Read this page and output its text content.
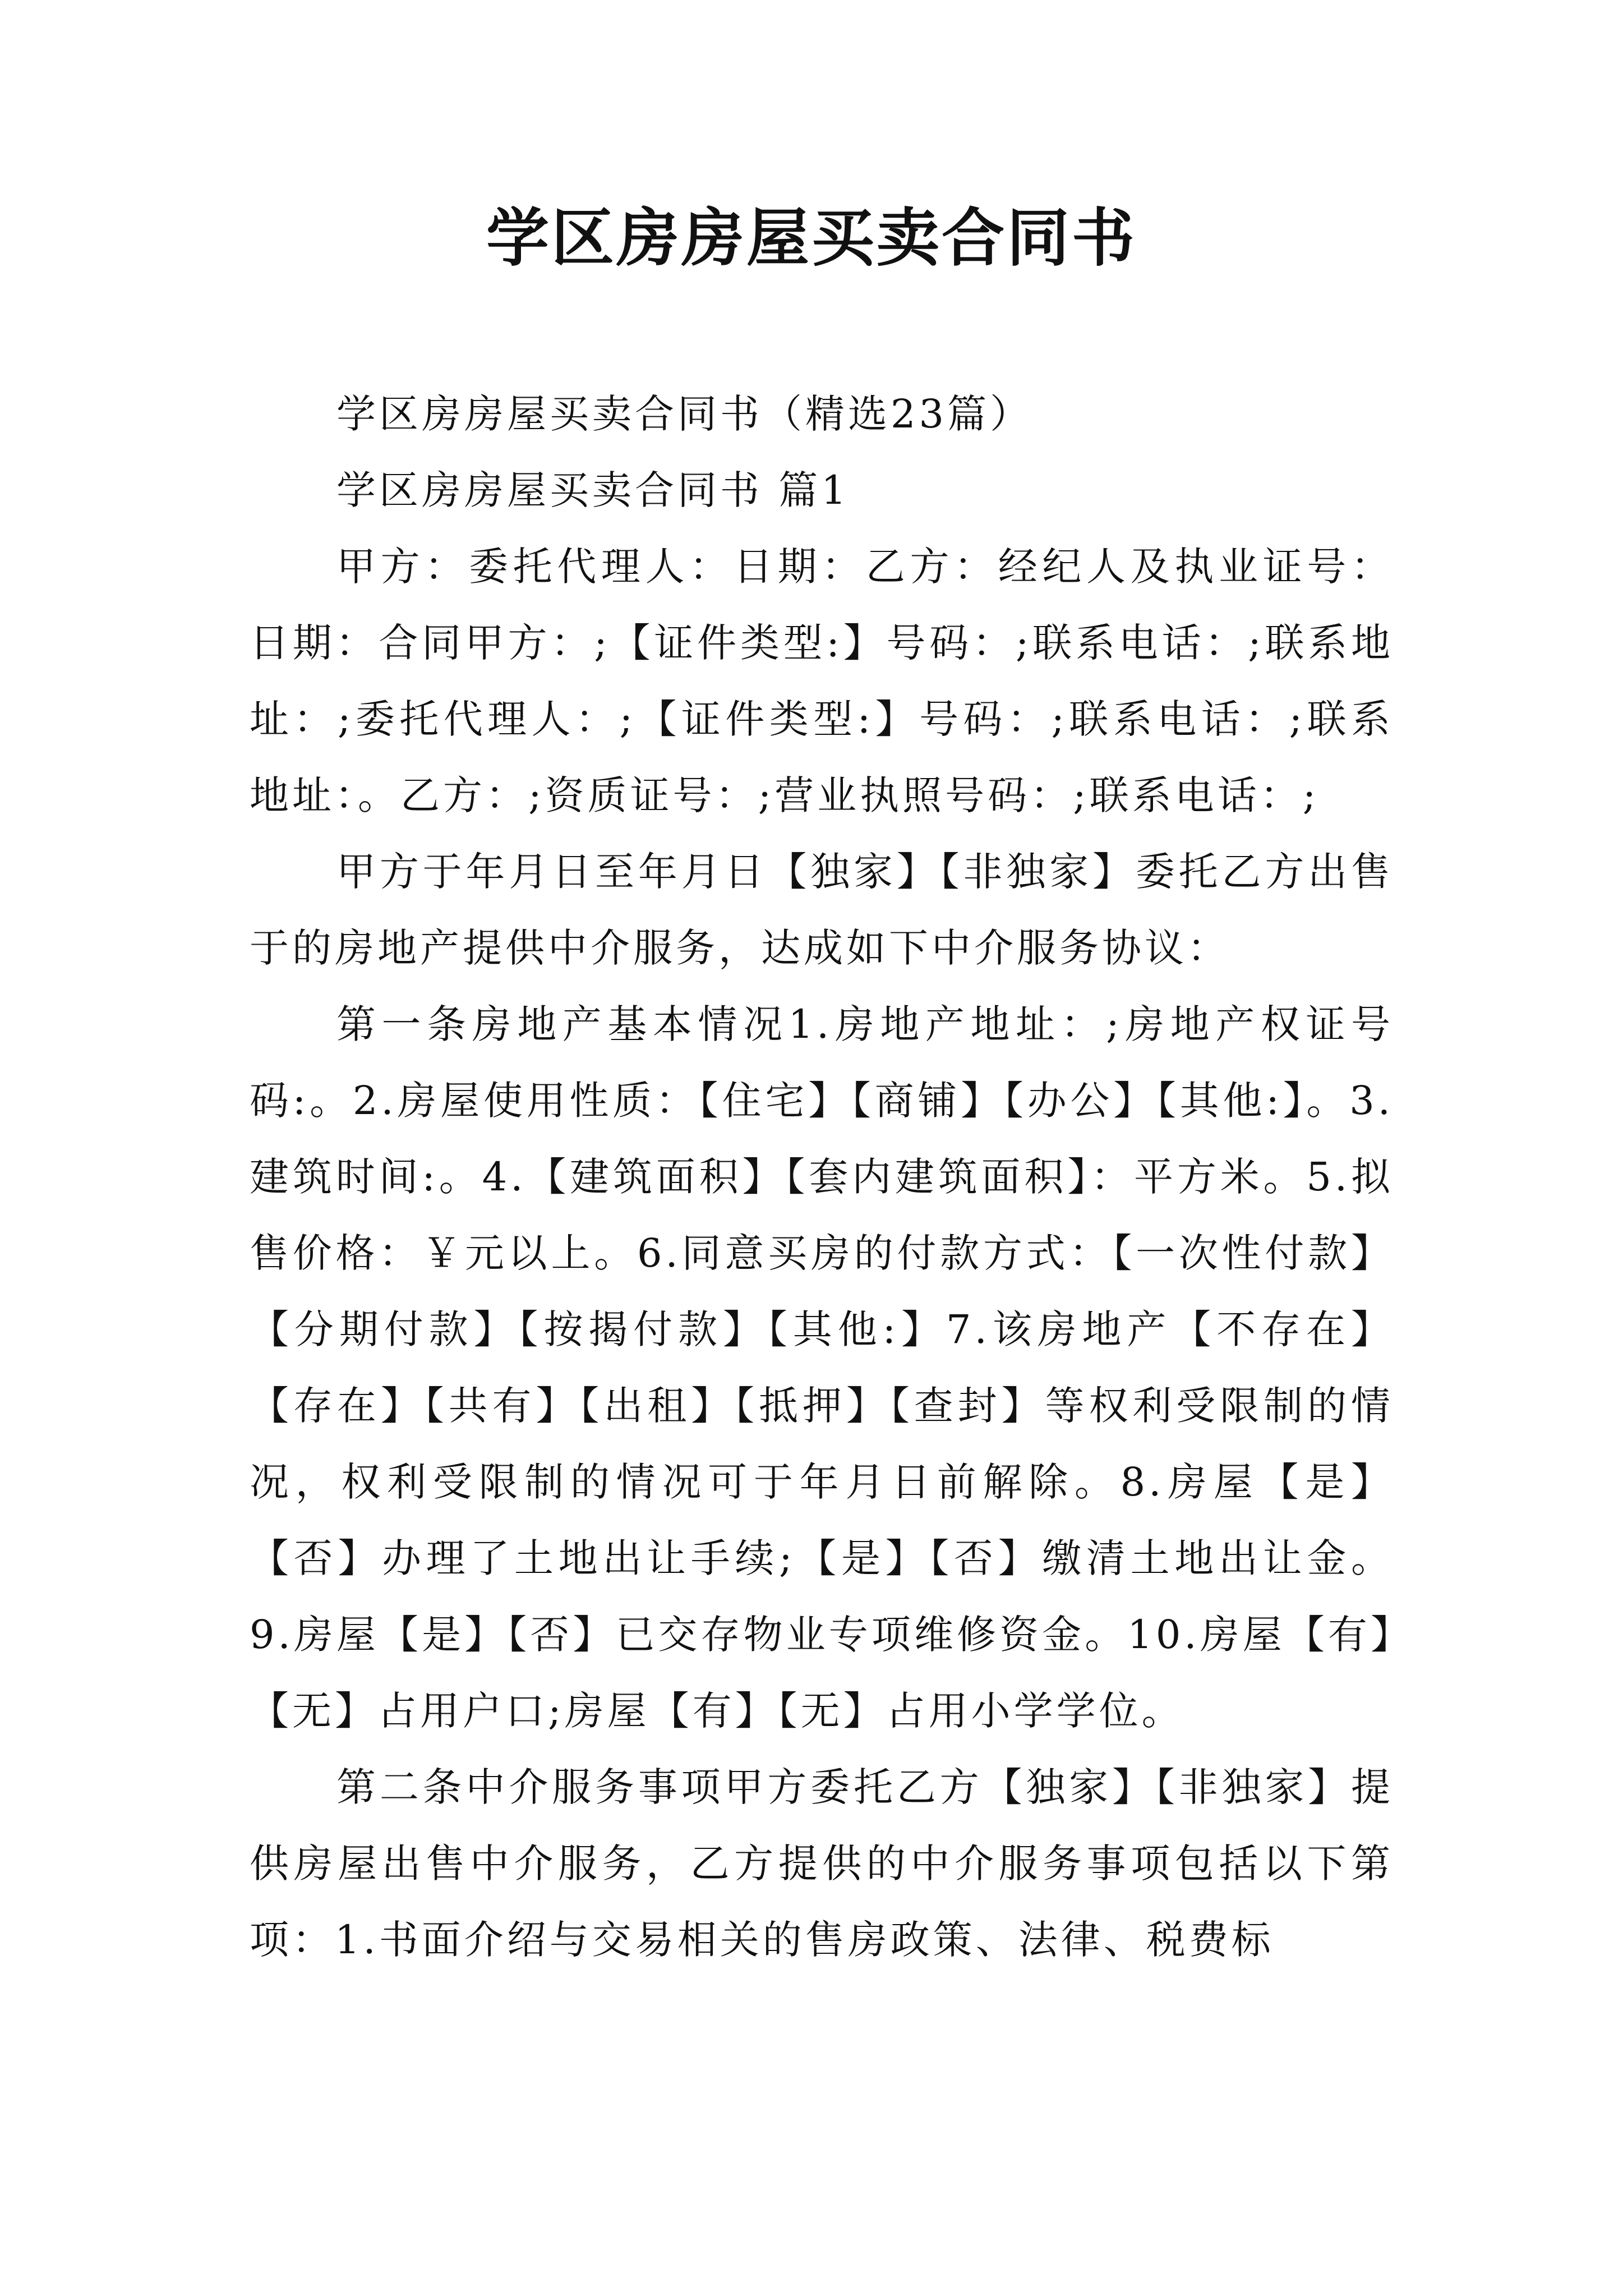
学区房房屋买卖合同书

学区房房屋买卖合同书（精选23篇）

学区房房屋买卖合同书 篇1

甲方：委托代理人：日期：乙方：经纪人及执业证号：日期：合同甲方：;【证件类型:】号码：;联系电话：;联系地址：;委托代理人：;【证件类型:】号码：;联系电话：;联系地址：。乙方：;资质证号：;营业执照号码：;联系电话：;

甲方于年月日至年月日【独家】【非独家】委托乙方出售于的房地产提供中介服务，达成如下中介服务协议：

第一条房地产基本情况1.房地产地址：;房地产权证号码:。2.房屋使用性质：【住宅】【商铺】【办公】【其他:】。3.建筑时间:。4.【建筑面积】【套内建筑面积】：平方米。5.拟售价格：￥元以上。6.同意买房的付款方式：【一次性付款】【分期付款】【按揭付款】【其他:】7.该房地产【不存在】【存在】【共有】【出租】【抵押】【查封】等权利受限制的情况，权利受限制的情况可于年月日前解除。8.房屋【是】【否】办理了土地出让手续;【是】【否】缴清土地出让金。9.房屋【是】【否】已交存物业专项维修资金。10.房屋【有】【无】占用户口;房屋【有】【无】占用小学学位。

第二条中介服务事项甲方委托乙方【独家】【非独家】提供房屋出售中介服务，乙方提供的中介服务事项包括以下第项：1.书面介绍与交易相关的售房政策、法律、税费标
